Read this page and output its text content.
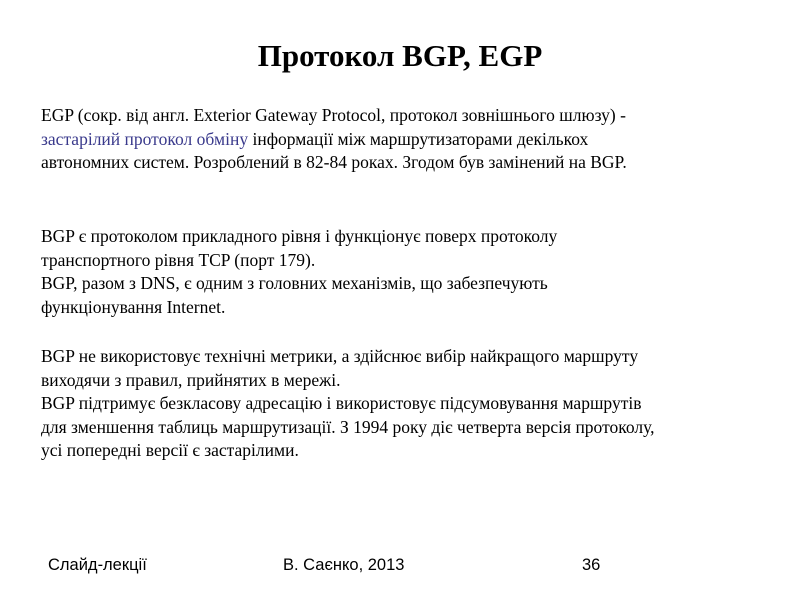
Протокол BGP, EGP
EGP (сокр. від англ. Exterior Gateway Protocol, протокол зовнішнього шлюзу) -
застарілий протокол обміну інформації між маршрутизаторами декількох
автономних систем. Розроблений в 82-84 роках. Згодом був замінений на BGP.
BGP є протоколом прикладного рівня і функціонує поверх протоколу
транспортного рівня TCP (порт 179).
BGP, разом з DNS, є одним з головних механізмів, що забезпечують
функціонування Internet.
BGP не використовує технічні метрики, а здійснює вибір найкращого маршруту
виходячи з правил, прийнятих в мережі.
BGP підтримує безкласову адресацію і використовує підсумовування маршрутів
для зменшення таблиць маршрутизації. З 1994 року діє четверта версія протоколу,
усі попередні версії є застарілими.
Слайд-лекції	В. Саєнко, 2013	36
